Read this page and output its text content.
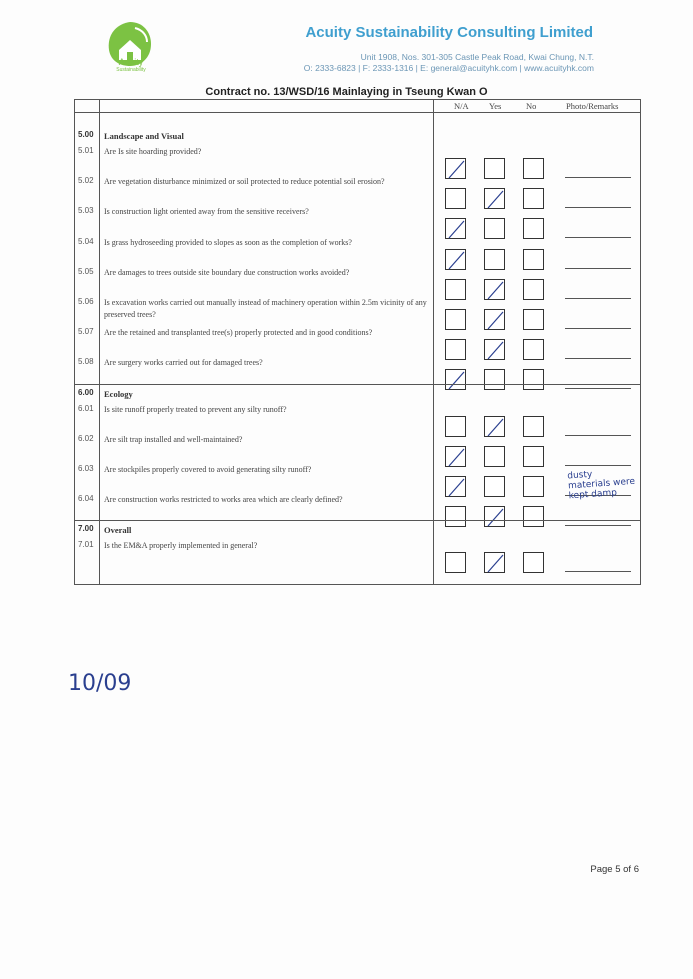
Acuity
Sustainability
Acuity Sustainability Consulting Limited
Unit 1908, Nos. 301-305 Castle Peak Road, Kwai Chung, N.T.
O: 2333-6823 | F: 2333-1316 | E: general@acuityhk.com | www.acuityhk.com
Contract no. 13/WSD/16 Mainlaying in Tseung Kwan O
N/A Yes	No	Photo/Remarks
5.00 Landscape and Visual
5.01 Are Is site hoarding provided?
5.02 Are vegetation disturbance minimized or soil protected to reduce potential soil erosion?
5.03 Is construction light oriented away from the sensitive receivers?
5.04 Is grass hydroseeding provided to slopes as soon as the completion of works?
5.05 Are damages to trees outside site boundary due construction works avoided?
5.06 Is excavation works carried out manually instead of machinery operation within 2.5m vicinity of any preserved trees?
5.07 Are the retained and transplanted tree(s) properly protected and in good conditions?
5.08 Are surgery works carried out for damaged trees?
6.00 Ecology
6.01 Is site runoff properly treated to prevent any silty runoff?
6.02 Are silt trap installed and well-maintained?
6.03 Are stockpiles properly covered to avoid generating silty runoff?
dusty materials were kept damp
6.04 Are construction works restricted to works area which are clearly defined?
7.00 Overall
7.01 Is the EM&A properly implemented in general?
10/09
Page 5 of 6
